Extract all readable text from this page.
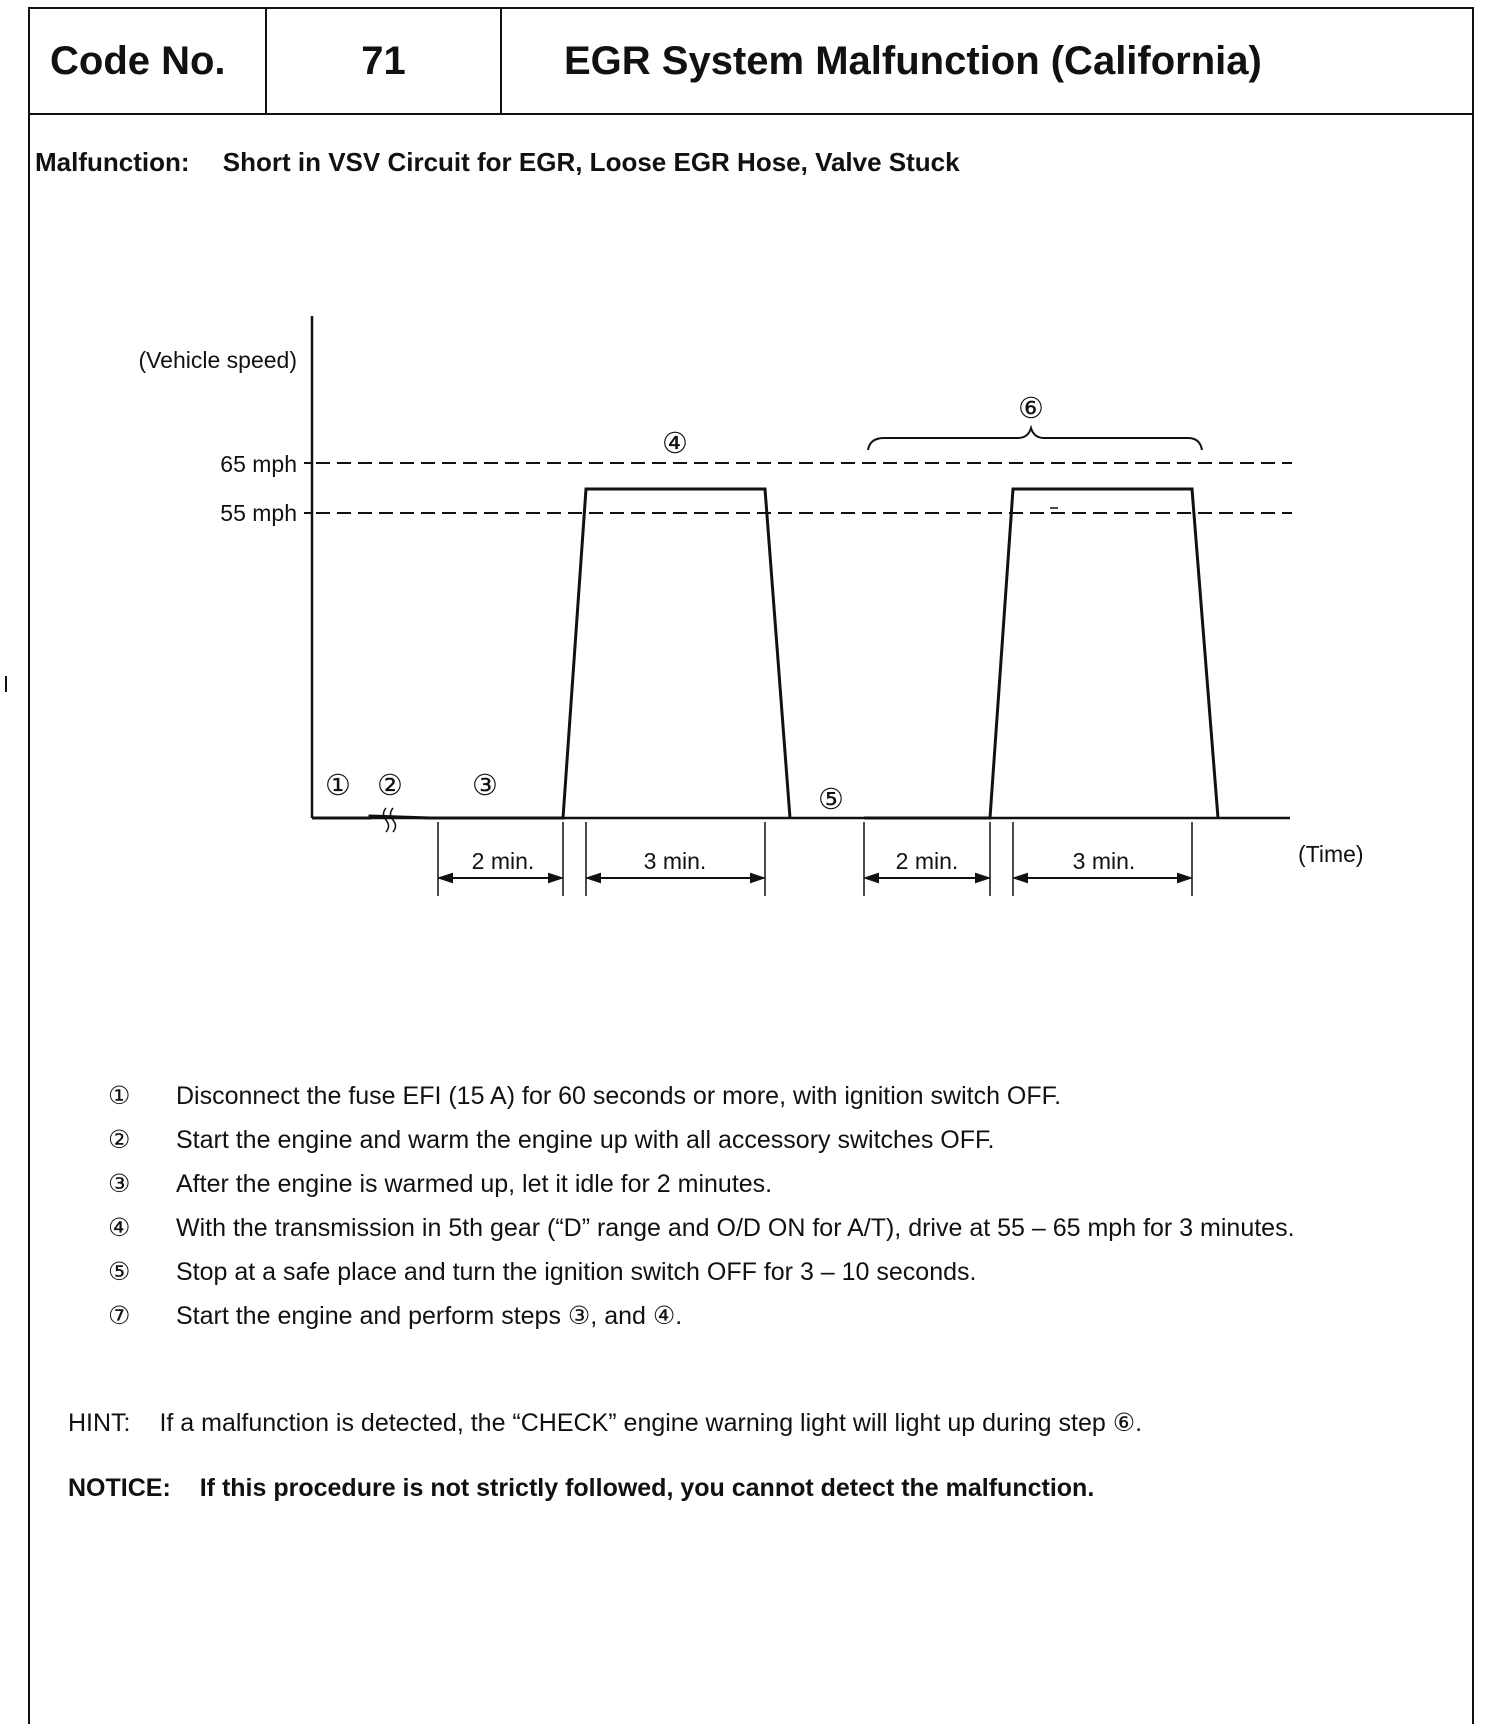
Code No.	71	EGR System Malfunction (California)
Malfunction: Short in VSV Circuit for EGR, Loose EGR Hose, Valve Stuck
(Vehicle speed)
65 mph
55 mph
(Time)
2 min.	3 min.	2 min.	3 min.
① ② ③
④
⑤
⑥
①	Disconnect the fuse EFI (15 A) for 60 seconds or more, with ignition switch OFF.
②	Start the engine and warm the engine up with all accessory switches OFF.
③	After the engine is warmed up, let it idle for 2 minutes.
④	With the transmission in 5th gear (“D” range and O/D ON for A/T), drive at 55 – 65 mph for 3 minutes.
⑤	Stop at a safe place and turn the ignition switch OFF for 3 – 10 seconds.
⑦	Start the engine and perform steps ③, and ④.
HINT: If a malfunction is detected, the “CHECK” engine warning light will light up during step ⑥.
NOTICE: If this procedure is not strictly followed, you cannot detect the malfunction.
